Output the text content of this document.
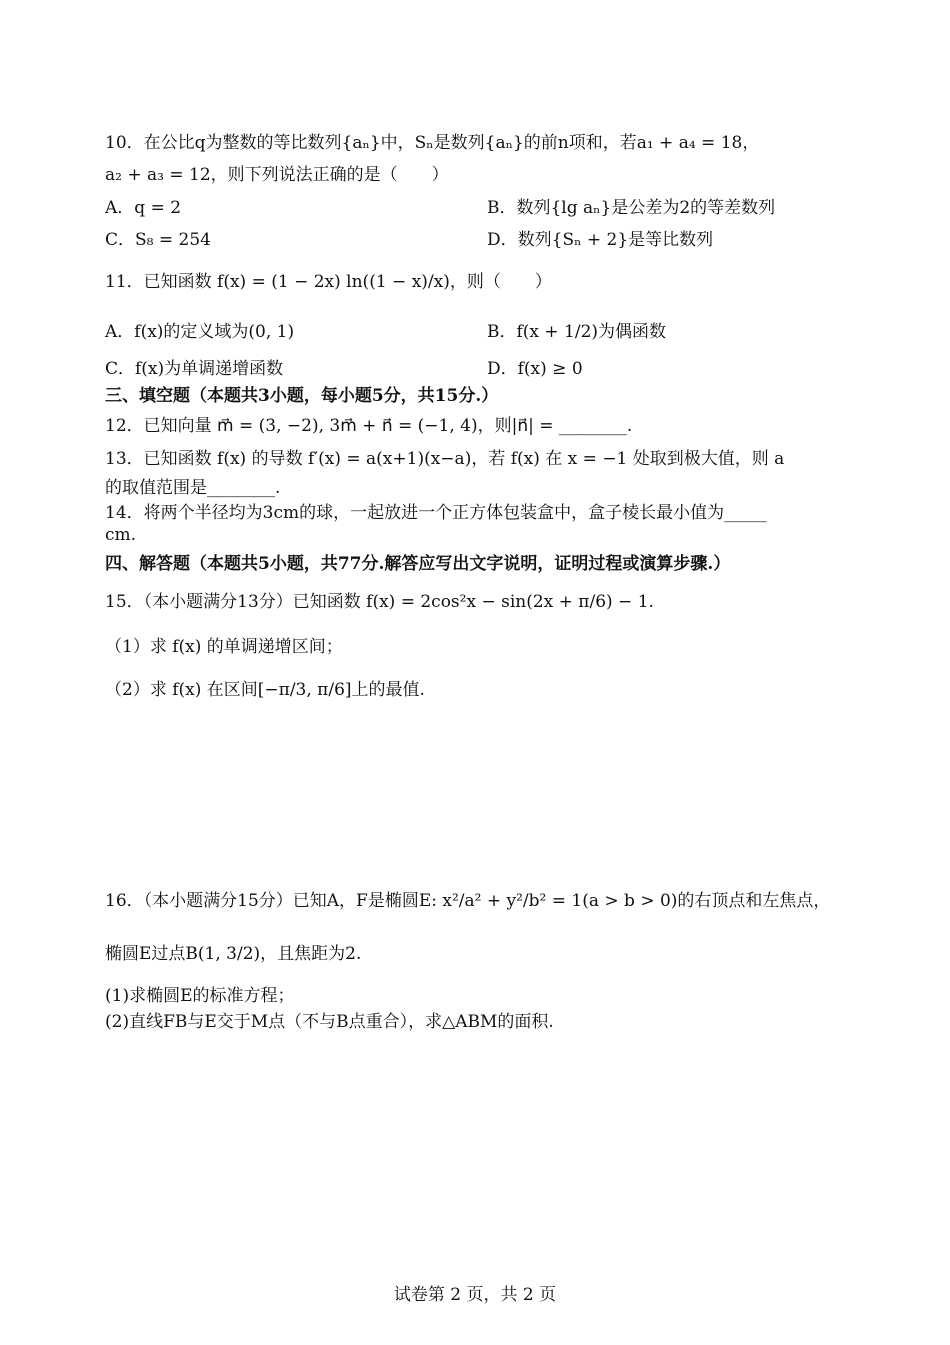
10．在公比q为整数的等比数列{aₙ}中，Sₙ是数列{aₙ}的前n项和，若a₁ + a₄ = 18，
a₂ + a₃ = 12，则下列说法正确的是（　　）
A．q = 2	B．数列{lg aₙ}是公差为2的等差数列
C．S₈ = 254	D．数列{Sₙ + 2}是等比数列
11．已知函数 f(x) = (1 − 2x) ln((1 − x)/x)，则（　　）
A．f(x)的定义域为(0, 1)	B．f(x + 1/2)为偶函数
C．f(x)为单调递增函数	D．f(x) ≥ 0
三、填空题（本题共3小题，每小题5分，共15分.）
12．已知向量 m⃗ = (3, −2), 3m⃗ + n⃗ = (−1, 4)，则|n⃗| = ________.
13．已知函数 f(x) 的导数 f′(x) = a(x+1)(x−a)，若 f(x) 在 x = −1 处取到极大值，则 a
的取值范围是________.
14．将两个半径均为3cm的球，一起放进一个正方体包装盒中，盒子棱长最小值为_____
cm.
四、解答题（本题共5小题，共77分.解答应写出文字说明，证明过程或演算步骤.）
15．（本小题满分13分）已知函数 f(x) = 2cos²x − sin(2x + π/6) − 1.
（1）求 f(x) 的单调递增区间；
（2）求 f(x) 在区间[−π/3, π/6]上的最值.
16．（本小题满分15分）已知A，F是椭圆E: x²/a² + y²/b² = 1(a > b > 0)的右顶点和左焦点，
椭圆E过点B(1, 3/2)，且焦距为2.
(1)求椭圆E的标准方程；
(2)直线FB与E交于M点（不与B点重合），求△ABM的面积.
试卷第 2 页，共 2 页
